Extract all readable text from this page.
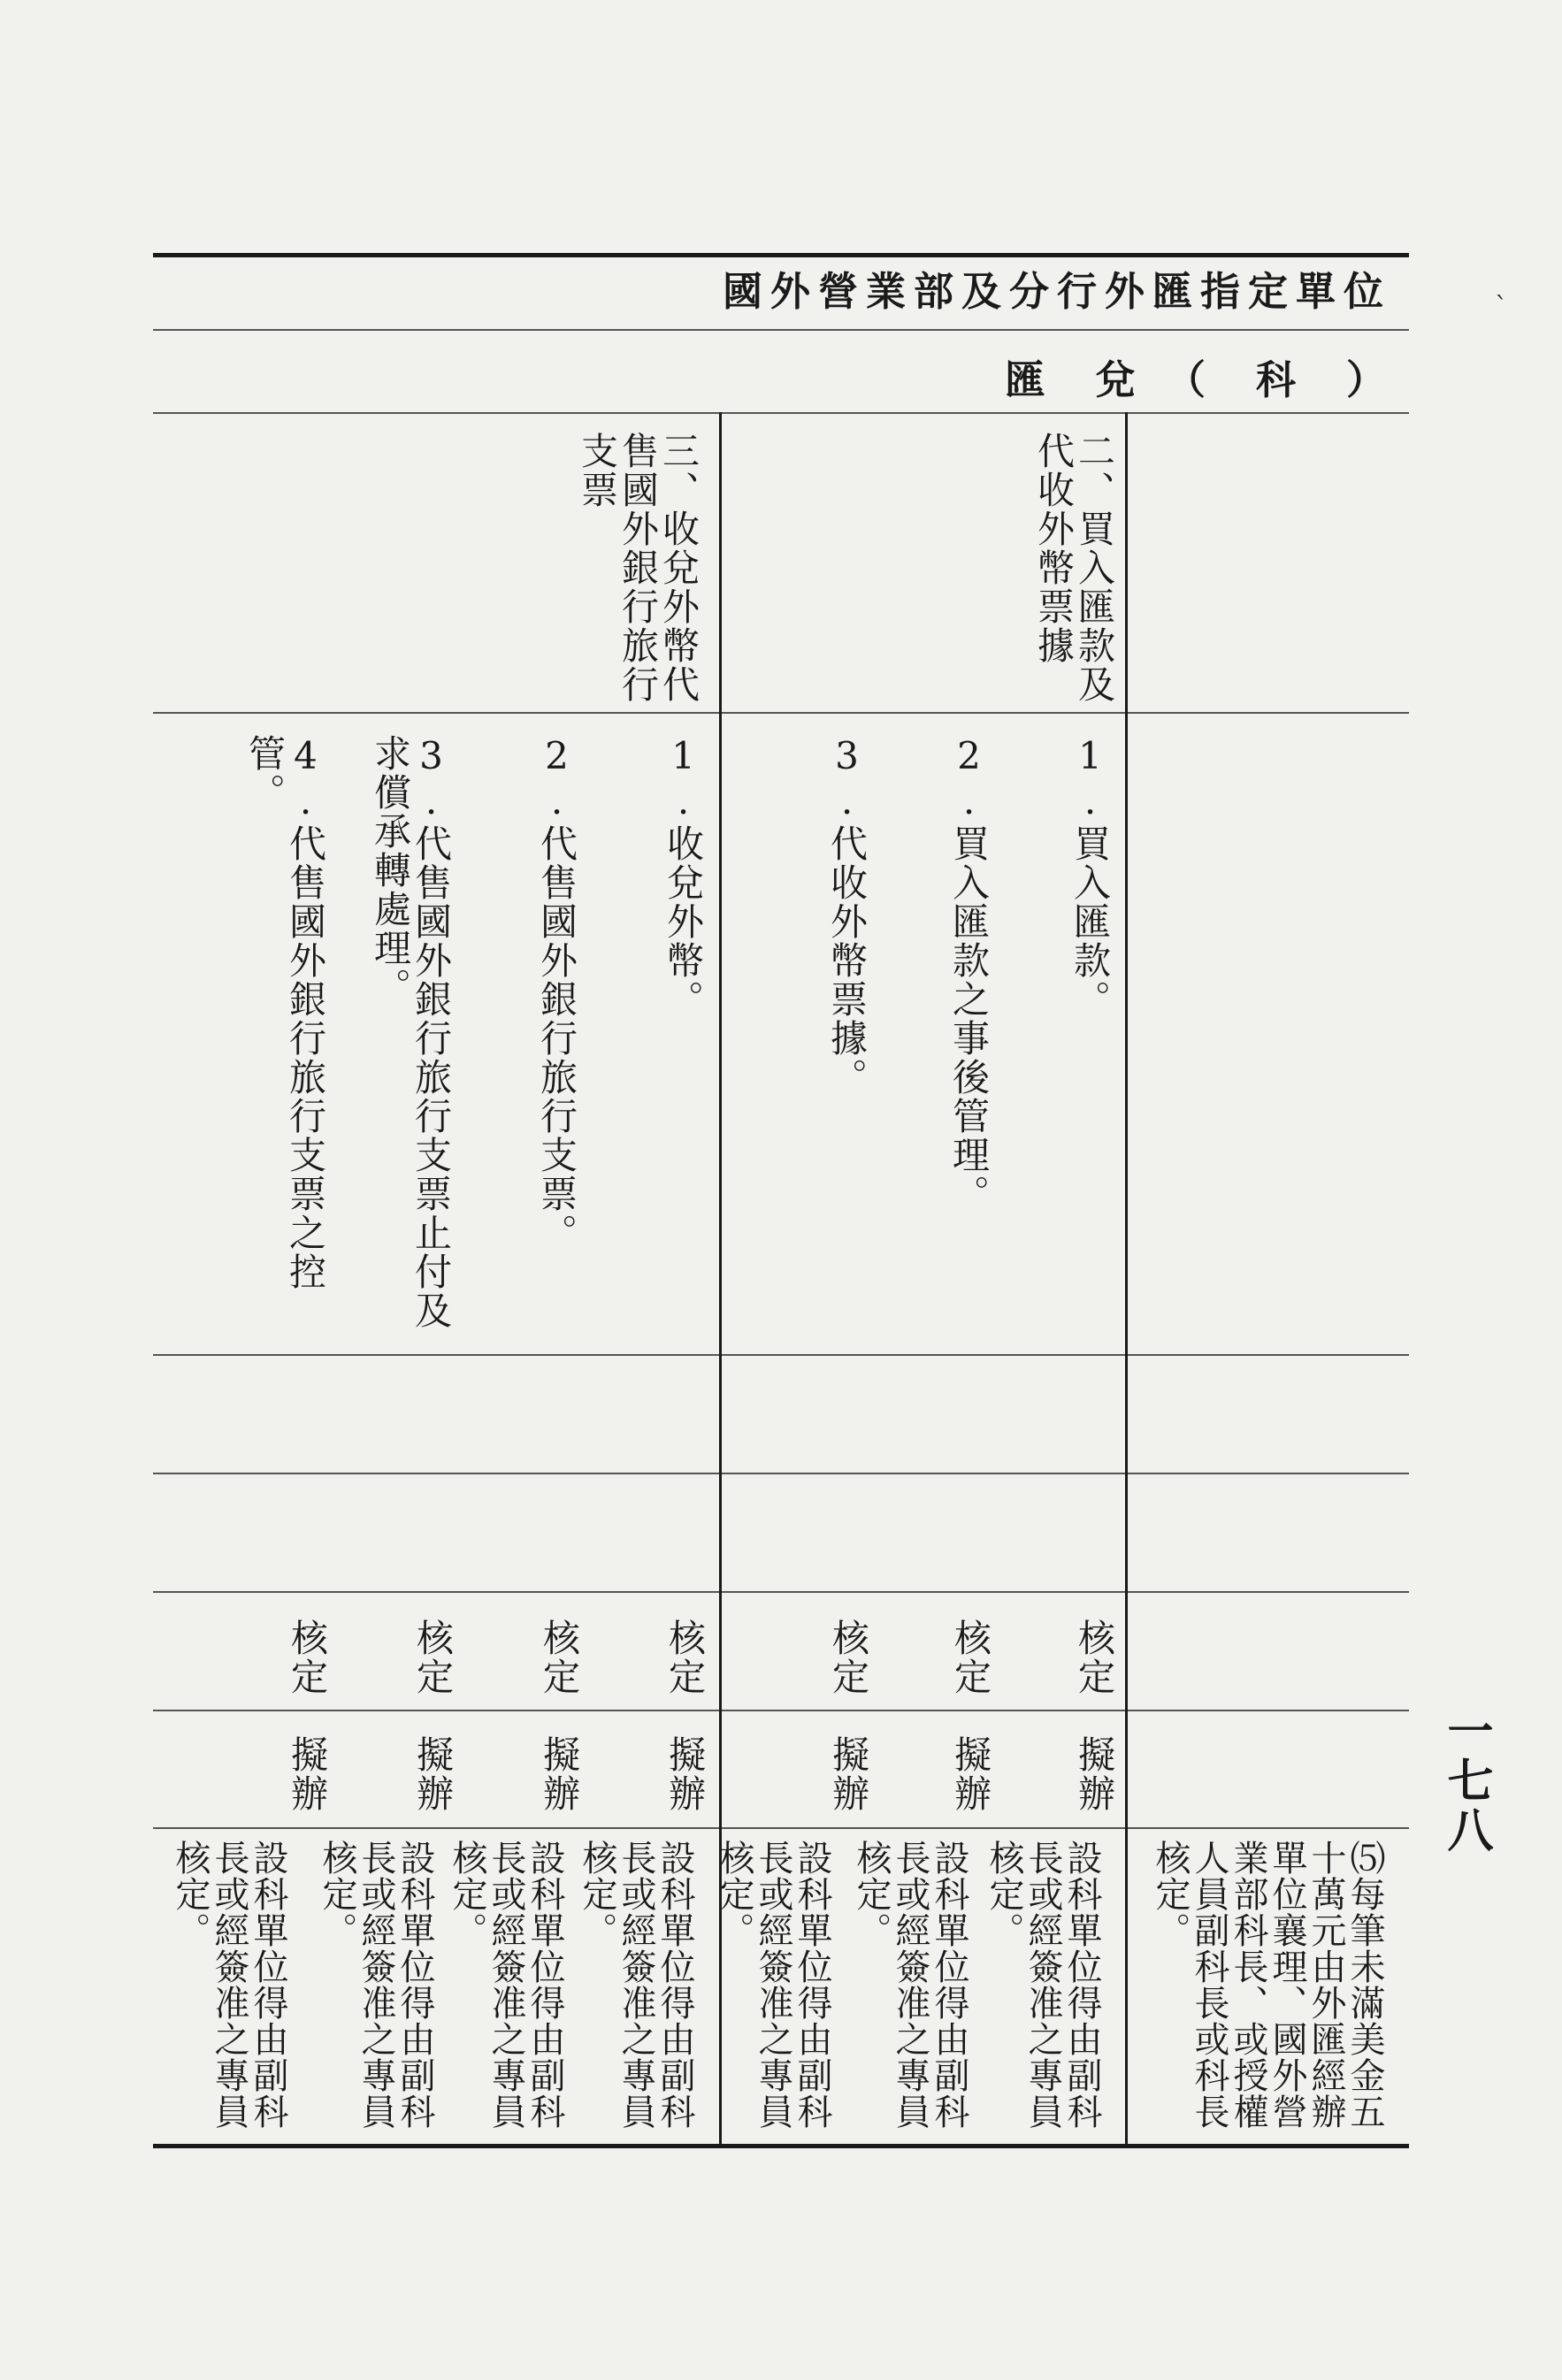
國外營業部及分行外匯指定單位
匯　兌　（　科　）
二、買入匯款及代收外幣票據
三、收兌外幣代售國外銀行旅行支票
1.買入匯款。
2.買入匯款之事後管理。
3.代收外幣票據。
1.收兌外幣。
2.代售國外銀行旅行支票。
3.代售國外銀行旅行支票止付及求償承轉處理。
4.代售國外銀行旅行支票之控管。
核定
核定
核定
核定
核定
核定
核定
擬辦
擬辦
擬辦
擬辦
擬辦
擬辦
擬辦
設科單位得由副科長或經簽准之專員核定。
設科單位得由副科長或經簽准之專員核定。
設科單位得由副科長或經簽准之專員核定。
設科單位得由副科長或經簽准之專員核定。
設科單位得由副科長或經簽准之專員核定。
設科單位得由副科長或經簽准之專員核定。
設科單位得由副科長或經簽准之專員核定。	⑸每筆未滿美金五十萬元由外匯經辦單位襄理、國外營業部科長、或授權人員副科長或科長核定。
一七八
ˋ
